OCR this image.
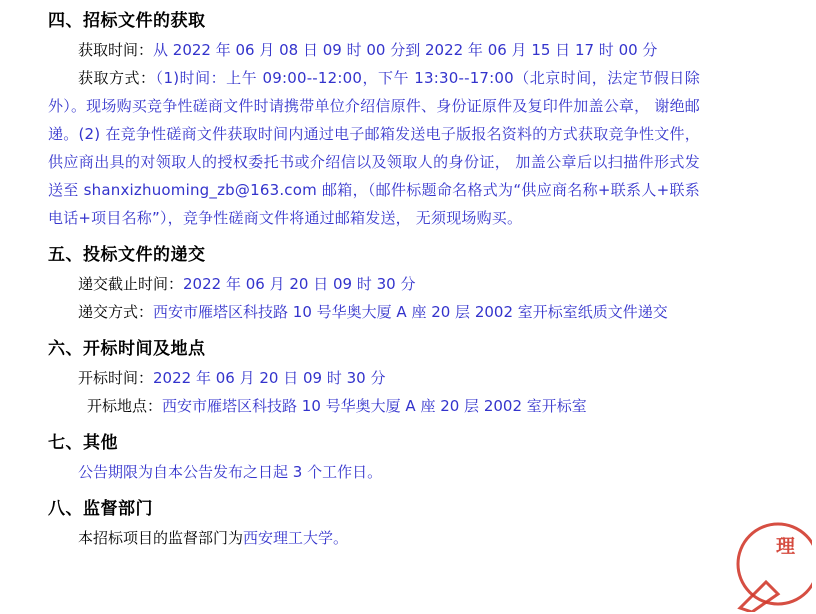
四、招标文件的获取
获取时间：从 2022 年 06 月 08 日 09 时 00 分到 2022 年 06 月 15 日 17 时 00 分

获取方式：（1)时间：上午 09:00--12:00，下午 13:30--17:00（北京时间，法定节假日除外）。现场购买竞争性磋商文件时请携带单位介绍信原件、身份证原件及复印件加盖公章， 谢绝邮递。(2) 在竞争性磋商文件获取时间内通过电子邮箱发送电子版报名资料的方式获取竞争性文件， 供应商出具的对领取人的授权委托书或介绍信以及领取人的身份证， 加盖公章后以扫描件形式发送至 shanxizhuoming_zb@163.com 邮箱，（邮件标题命名格式为“供应商名称+联系人+联系电话+项目名称”），竞争性磋商文件将通过邮箱发送， 无须现场购买。

五、投标文件的递交
递交截止时间：2022 年 06 月 20 日 09 时 30 分
递交方式：西安市雁塔区科技路 10 号华奥大厦 A 座 20 层 2002 室开标室纸质文件递交
六、开标时间及地点
开标时间：2022 年 06 月 20 日 09 时 30 分
开标地点：西安市雁塔区科技路 10 号华奥大厦 A 座 20 层 2002 室开标室
七、其他
公告期限为自本公告发布之日起 3 个工作日。
八、监督部门
本招标项目的监督部门为西安理工大学。	理
